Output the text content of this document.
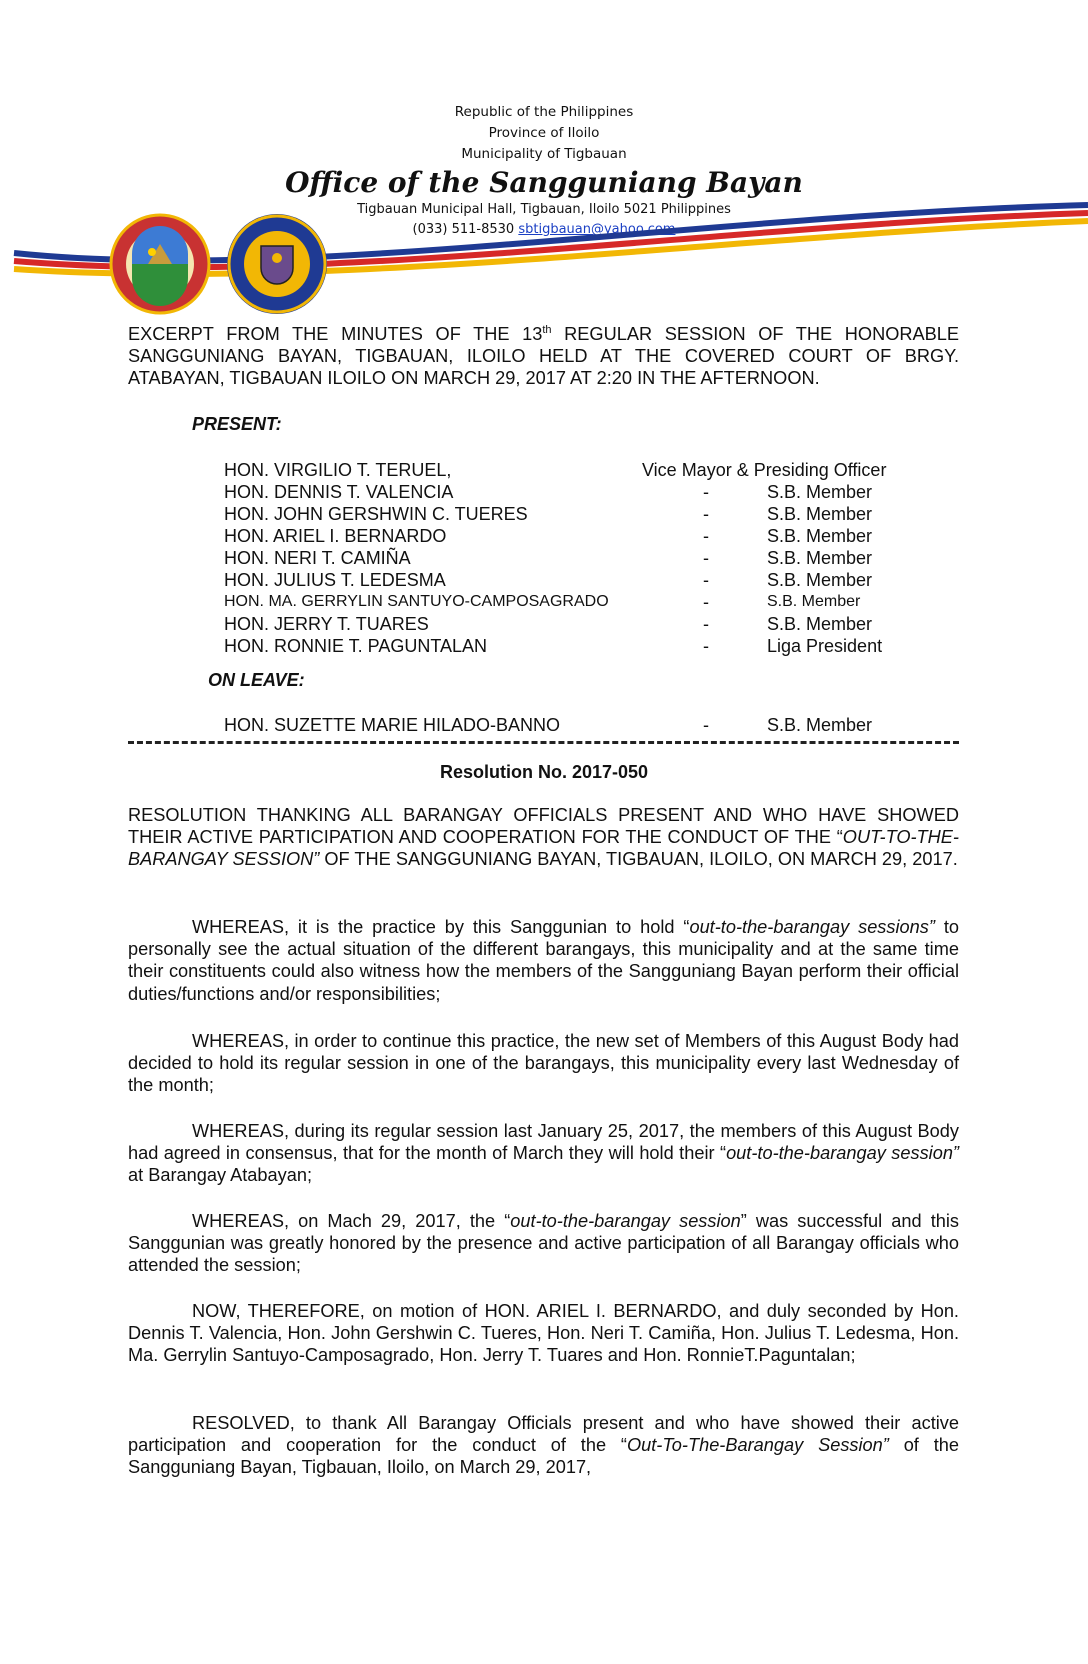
Republic of the Philippines
Province of Iloilo
Municipality of Tigbauan
Office of the Sangguniang Bayan
Tigbauan Municipal Hall, Tigbauan, Iloilo 5021 Philippines
(033) 511-8530 sbtigbauan@yahoo.com
EXCERPT FROM THE MINUTES OF THE 13th REGULAR SESSION OF THE HONORABLE SANGGUNIANG BAYAN, TIGBAUAN, ILOILO HELD AT THE COVERED COURT OF BRGY. ATABAYAN, TIGBAUAN ILOILO ON MARCH 29, 2017 AT 2:20 IN THE AFTERNOON.
PRESENT:
HON. VIRGILIO T. TERUEL,	Vice Mayor & Presiding Officer
HON. DENNIS T. VALENCIA	-	S.B. Member
HON. JOHN GERSHWIN C. TUERES	-	S.B. Member
HON. ARIEL I. BERNARDO	-	S.B. Member
HON. NERI T. CAMIÑA	-	S.B. Member
HON. JULIUS T. LEDESMA	-	S.B. Member
HON. MA. GERRYLIN SANTUYO-CAMPOSAGRADO	-	S.B. Member
HON. JERRY T. TUARES	-	S.B. Member
HON. RONNIE T. PAGUNTALAN	-	Liga President
ON LEAVE:
HON. SUZETTE MARIE HILADO-BANNO	-	S.B. Member
Resolution No. 2017-050
RESOLUTION THANKING ALL BARANGAY OFFICIALS PRESENT AND WHO HAVE SHOWED THEIR ACTIVE PARTICIPATION AND COOPERATION FOR THE CONDUCT OF THE “OUT-TO-THE-BARANGAY SESSION” OF THE SANGGUNIANG BAYAN, TIGBAUAN, ILOILO, ON MARCH 29, 2017.
WHEREAS, it is the practice by this Sanggunian to hold “out-to-the-barangay sessions” to personally see the actual situation of the different barangays, this municipality and at the same time their constituents could also witness how the members of the Sangguniang Bayan perform their official duties/functions and/or responsibilities;
WHEREAS, in order to continue this practice, the new set of Members of this August Body had decided to hold its regular session in one of the barangays, this municipality every last Wednesday of the month;
WHEREAS, during its regular session last January 25, 2017, the members of this August Body had agreed in consensus, that for the month of March they will hold their “out-to-the-barangay session” at Barangay Atabayan;
WHEREAS, on Mach 29, 2017, the “out-to-the-barangay session” was successful and this Sanggunian was greatly honored by the presence and active participation of all Barangay officials who attended the session;
NOW, THEREFORE, on motion of HON. ARIEL I. BERNARDO, and duly seconded by Hon. Dennis T. Valencia, Hon. John Gershwin C. Tueres, Hon. Neri T. Camiña, Hon. Julius T. Ledesma, Hon. Ma. Gerrylin Santuyo-Camposagrado, Hon. Jerry T. Tuares and Hon. RonnieT.Paguntalan;
RESOLVED, to thank All Barangay Officials present and who have showed their active participation and cooperation for the conduct of the “Out-To-The-Barangay Session” of the Sangguniang Bayan, Tigbauan, Iloilo, on March 29, 2017,
